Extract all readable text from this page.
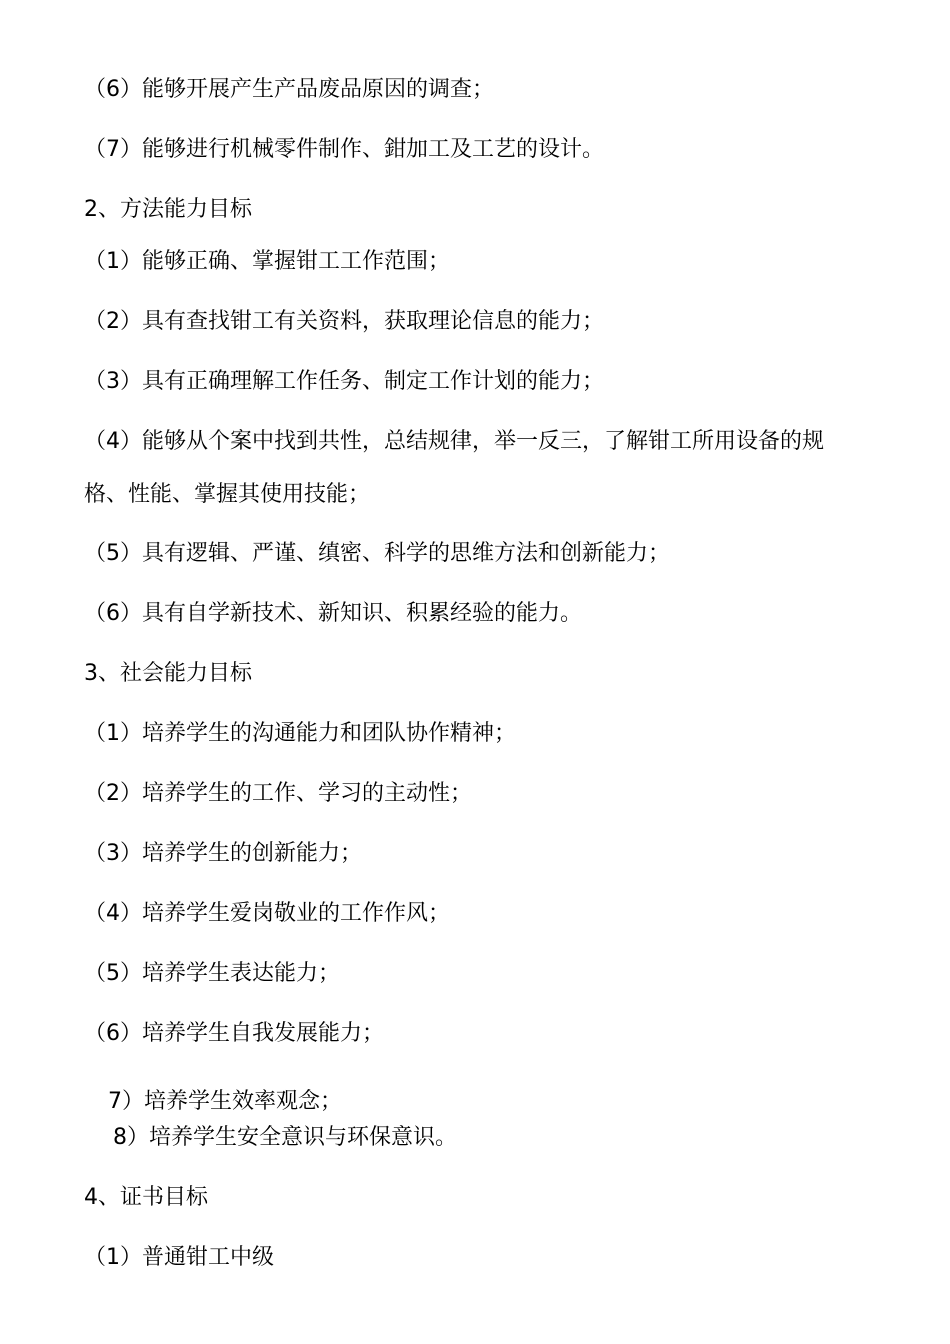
（6）能够开展产生产品废品原因的调查；
（7）能够进行机械零件制作、鉗加工及工艺的设计。
2、方法能力目标
（1）能够正确、掌握钳工工作范围；
（2）具有查找钳工有关资料，获取理论信息的能力；
（3）具有正确理解工作任务、制定工作计划的能力；
（4）能够从个案中找到共性，总结规律，举一反三，了解钳工所用设备的规
格、性能、掌握其使用技能；
（5）具有逻辑、严谨、缜密、科学的思维方法和创新能力；
（6）具有自学新技术、新知识、积累经验的能力。
3、社会能力目标
（1）培养学生的沟通能力和团队协作精神；
（2）培养学生的工作、学习的主动性；
（3）培养学生的创新能力；
（4）培养学生爱岗敬业的工作作风；
（5）培养学生表达能力；
（6）培养学生自我发展能力；
7）培养学生效率观念；
8）培养学生安全意识与环保意识。
4、证书目标
（1）普通钳工中级
